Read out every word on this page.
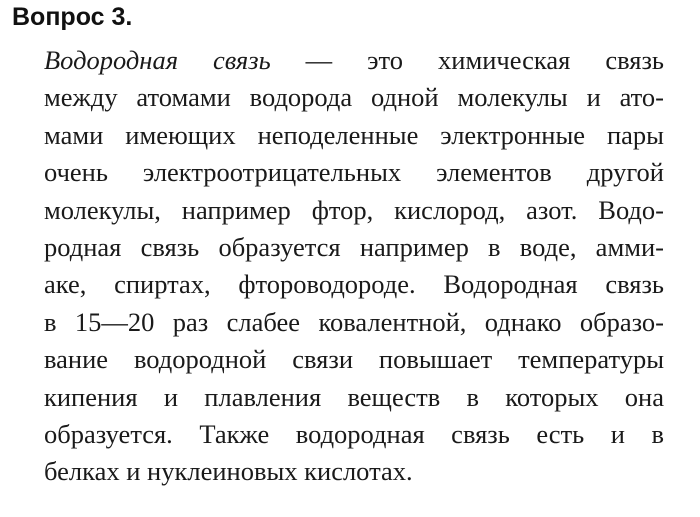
Вопрос 3.
Водородная связь — это химическая связь
между атомами водорода одной молекулы и ато-
мами имеющих неподеленные электронные пары
очень электроотрицательных элементов другой
молекулы, например фтор, кислород, азот. Водо-
родная связь образуется например в воде, амми-
аке, спиртах, фтороводороде. Водородная связь
в 15—20 раз слабее ковалентной, однако образо-
вание водородной связи повышает температуры
кипения и плавления веществ в которых она
образуется. Также водородная связь есть и в
белках и нуклеиновых кислотах.
